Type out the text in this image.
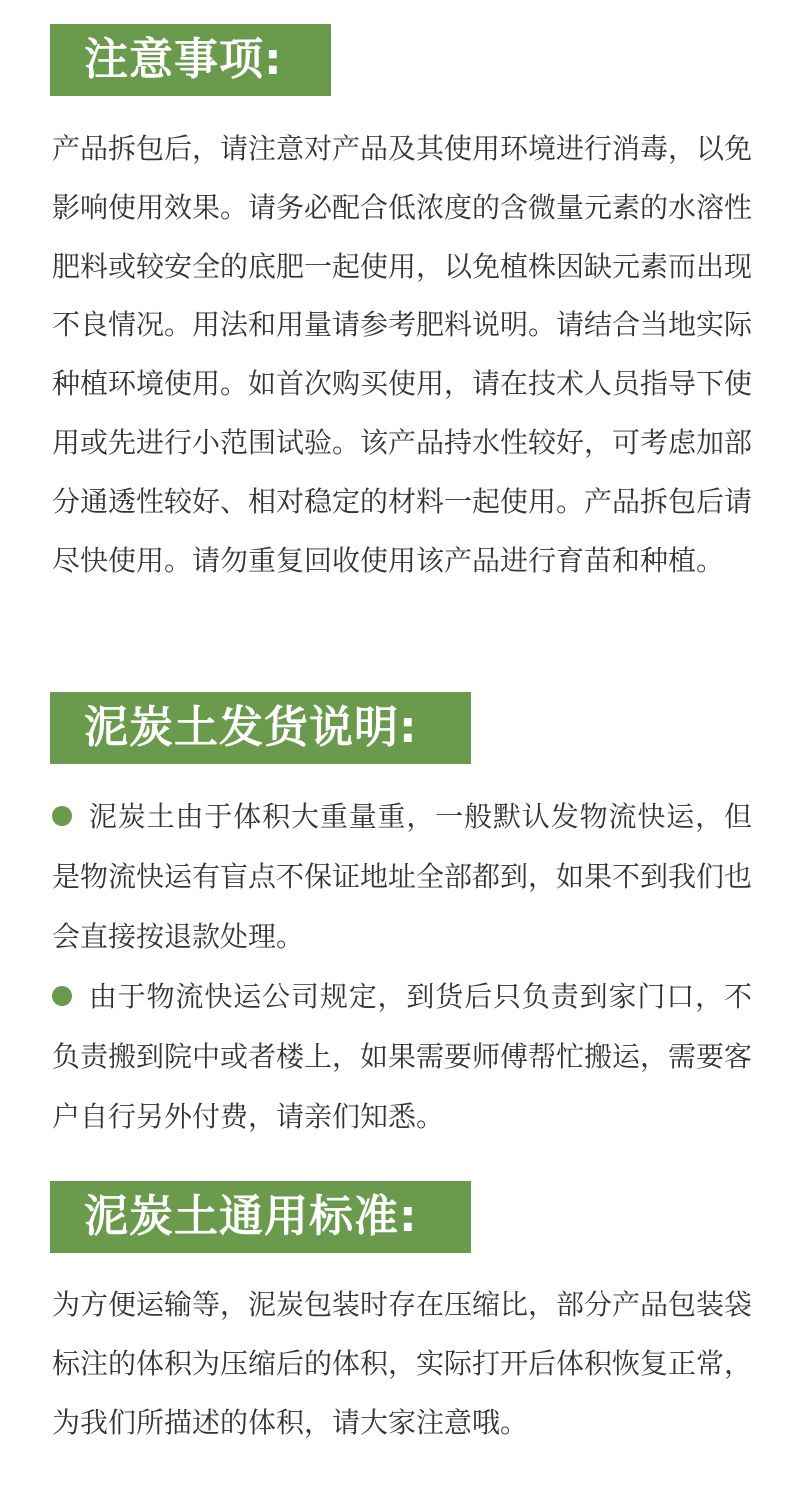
注意事项:
产品拆包后，请注意对产品及其使用环境进行消毒，以免影响使用效果。请务必配合低浓度的含微量元素的水溶性肥料或较安全的底肥一起使用，以免植株因缺元素而出现不良情况。用法和用量请参考肥料说明。请结合当地实际种植环境使用。如首次购买使用，请在技术人员指导下使用或先进行小范围试验。该产品持水性较好，可考虑加部分通透性较好、相对稳定的材料一起使用。产品拆包后请尽快使用。请勿重复回收使用该产品进行育苗和种植。
泥炭土发货说明:
泥炭土由于体积大重量重，一般默认发物流快运，但是物流快运有盲点不保证地址全部都到，如果不到我们也会直接按退款处理。
由于物流快运公司规定，到货后只负责到家门口，不负责搬到院中或者楼上，如果需要师傅帮忙搬运，需要客户自行另外付费，请亲们知悉。
泥炭土通用标准:
为方便运输等，泥炭包装时存在压缩比，部分产品包装袋标注的体积为压缩后的体积，实际打开后体积恢复正常，为我们所描述的体积，请大家注意哦。
